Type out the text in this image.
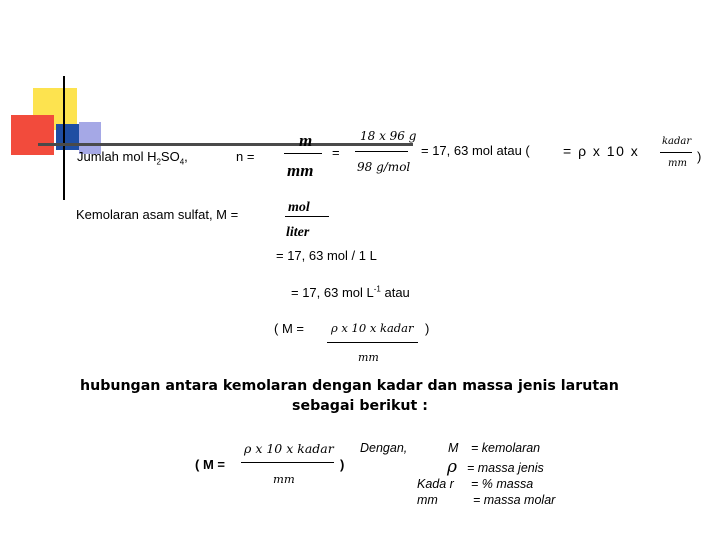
Jumlah mol $H_2SO_4$,	n =
m
mm
=
18 x 96 g
98 g/mol
= 17, 63 mol atau ( = ρ x 10 x
kadar
mm )
Kemolaran asam sulfat, M =	mol
liter
= 17, 63 mol / 1 L
= 17, 63 mol $L^{-1}$ atau
( M = ρ x 10 x kadar
mm
)
hubungan antara kemolaran dengan kadar dan massa jenis larutan
sebagai berikut :
( M =
ρ x 10 x kadar
mm
)
Dengan,	M = kemolaran
ρ = massa jenis
Kada r = % massa
mm	= massa molar
